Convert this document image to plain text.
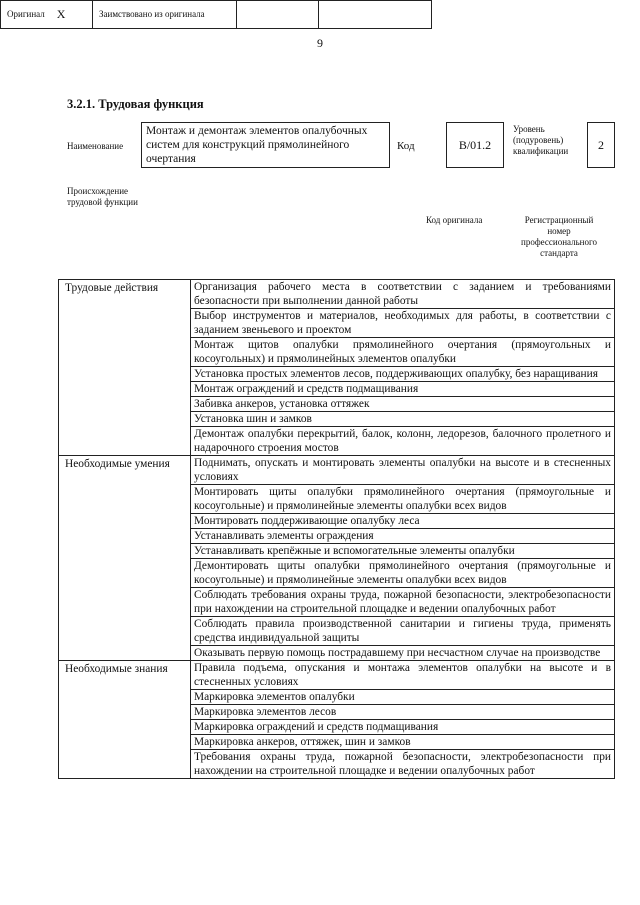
9
3.2.1. Трудовая функция
Наименование
Монтаж и демонтаж элементов опалубочных систем для конструкций прямолинейного очертания
Код	В/01.2
Уровень
(подуровень)
квалификации	2
Происхождение
трудовой функции
Оригинал X	Заимствовано из оригинала
Код оригинала	Регистрационный
номер
профессионального
стандарта
Трудовые действия	Организация рабочего места в соответствии с заданием и требованиями безопасности при выполнении данной работы
	Выбор инструментов и материалов, необходимых для работы, в соответствии с заданием звеньевого и проектом
	Монтаж щитов опалубки прямолинейного очертания (прямоугольных и косоугольных) и прямолинейных элементов опалубки
	Установка простых элементов лесов, поддерживающих опалубку, без наращивания
	Монтаж ограждений и средств подмащивания
	Забивка анкеров, установка оттяжек
	Установка шин и замков
	Демонтаж опалубки перекрытий, балок, колонн, ледорезов, балочного пролетного и надарочного строения мостов
Необходимые умения	Поднимать, опускать и монтировать элементы опалубки на высоте и в стесненных условиях
	Монтировать щиты опалубки прямолинейного очертания (прямоугольные и косоугольные) и прямолинейные элементы опалубки всех видов
	Монтировать поддерживающие опалубку леса
	Устанавливать элементы ограждения
	Устанавливать крепёжные и вспомогательные элементы опалубки
	Демонтировать щиты опалубки прямолинейного очертания (прямоугольные и косоугольные) и прямолинейные элементы опалубки всех видов
	Соблюдать требования охраны труда, пожарной безопасности, электробезопасности при нахождении на строительной площадке и ведении опалубочных работ
	Соблюдать правила производственной санитарии и гигиены труда, применять средства индивидуальной защиты
	Оказывать первую помощь пострадавшему при несчастном случае на производстве
Необходимые знания	Правила подъема, опускания и монтажа элементов опалубки на высоте и в стесненных условиях
	Маркировка элементов опалубки
	Маркировка элементов лесов
	Маркировка ограждений и средств подмащивания
	Маркировка анкеров, оттяжек, шин и замков
	Требования охраны труда, пожарной безопасности, электробезопасности при нахождении на строительной площадке и ведении опалубочных работ
